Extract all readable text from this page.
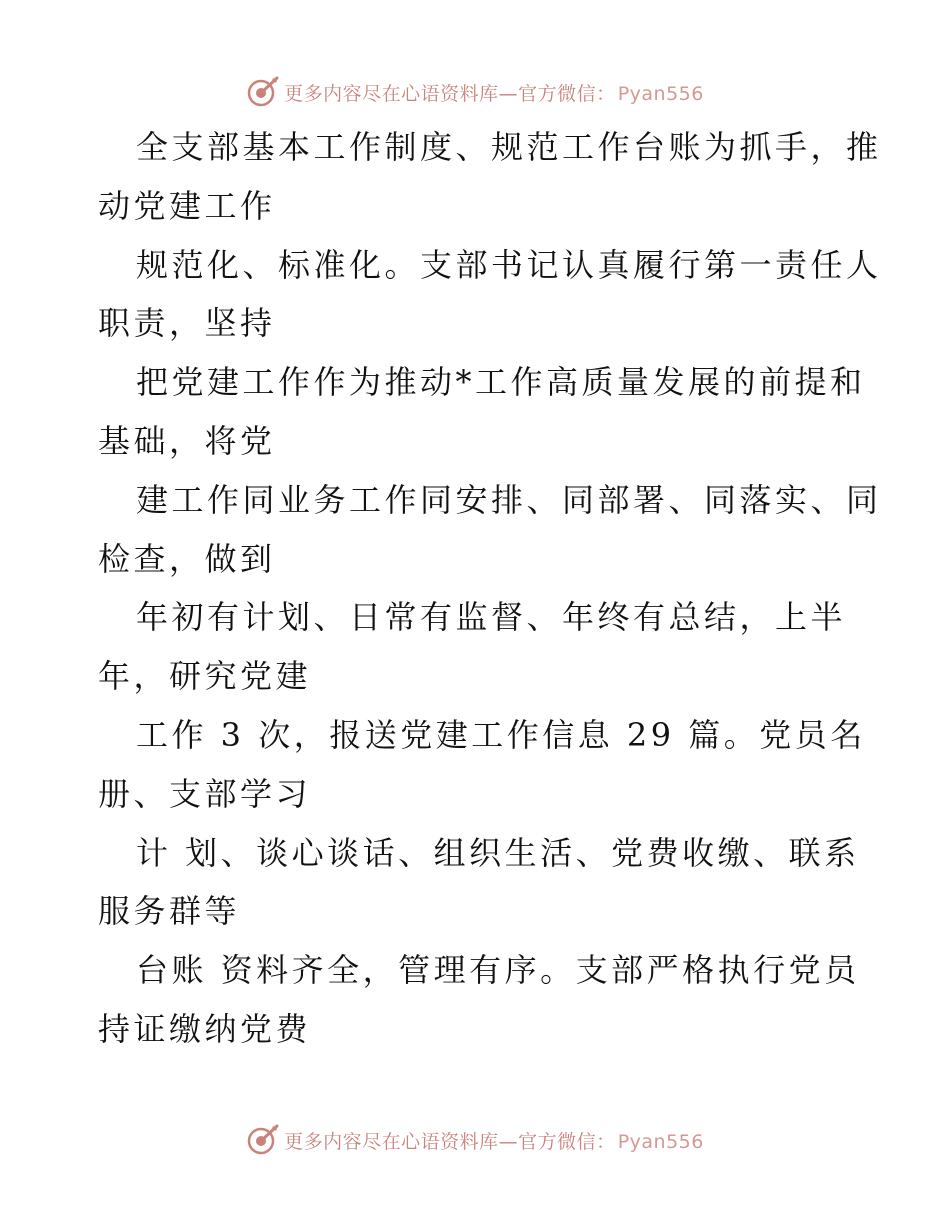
更多内容尽在心语资料库—官方微信： Pyan556
全支部基本工作制度、规范工作台账为抓手，推
动党建工作
规范化、标准化。支部书记认真履行第一责任人
职责，坚持
把党建工作作为推动*工作高质量发展的前提和
基础，将党
建工作同业务工作同安排、同部署、同落实、同
检查，做到
年初有计划、日常有监督、年终有总结，上半
年，研究党建
工作 3 次，报送党建工作信息 29 篇。党员名
册、支部学习
计 划、谈心谈话、组织生活、党费收缴、联系
服务群等
台账 资料齐全，管理有序。支部严格执行党员
持证缴纳党费
更多内容尽在心语资料库—官方微信： Pyan556
